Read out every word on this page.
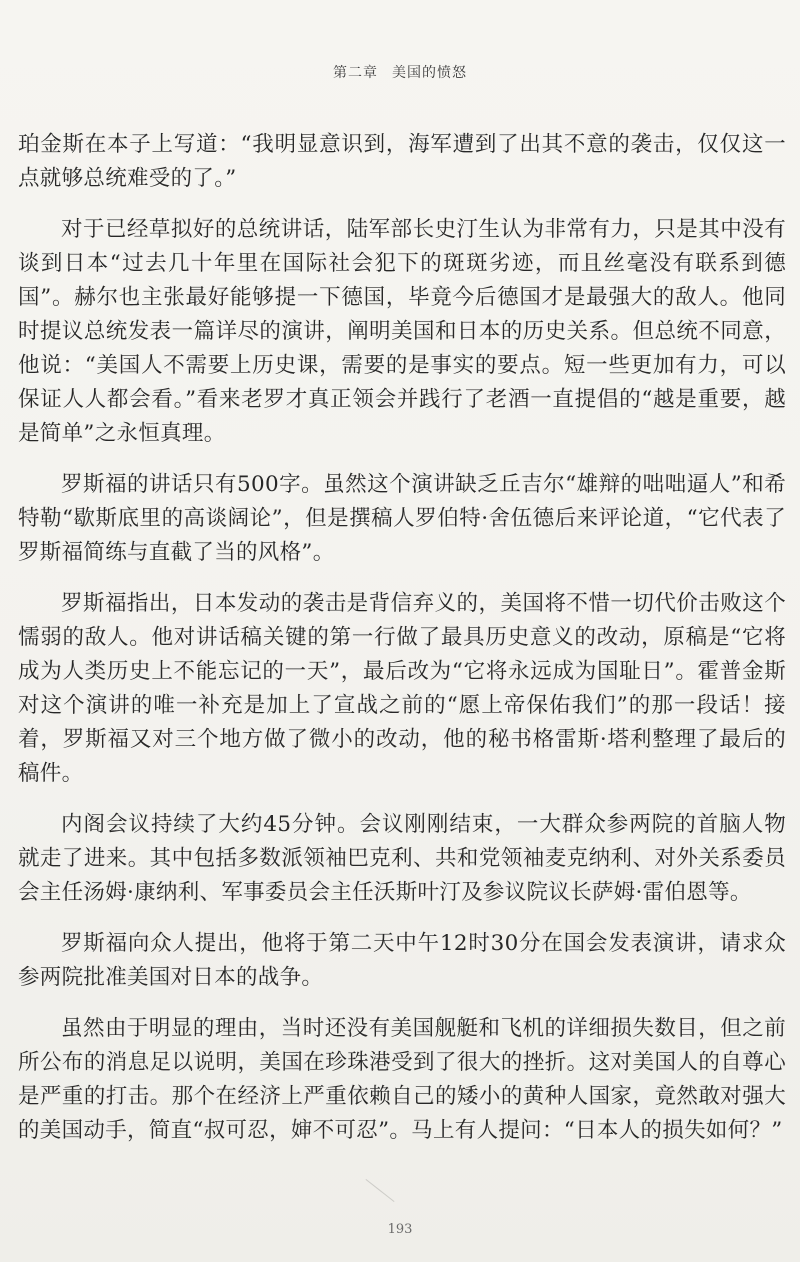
第二章 美国的愤怒

珀金斯在本子上写道：“我明显意识到，海军遭到了出其不意的袭击，仅仅这一点就够总统难受的了。”

对于已经草拟好的总统讲话，陆军部长史汀生认为非常有力，只是其中没有谈到日本“过去几十年里在国际社会犯下的斑斑劣迹，而且丝毫没有联系到德国”。赫尔也主张最好能够提一下德国，毕竟今后德国才是最强大的敌人。他同时提议总统发表一篇详尽的演讲，阐明美国和日本的历史关系。但总统不同意，他说：“美国人不需要上历史课，需要的是事实的要点。短一些更加有力，可以保证人人都会看。”看来老罗才真正领会并践行了老酒一直提倡的“越是重要，越是简单”之永恒真理。

罗斯福的讲话只有500字。虽然这个演讲缺乏丘吉尔“雄辩的咄咄逼人”和希特勒“歇斯底里的高谈阔论”，但是撰稿人罗伯特·舍伍德后来评论道，“它代表了罗斯福简练与直截了当的风格”。

罗斯福指出，日本发动的袭击是背信弃义的，美国将不惜一切代价击败这个懦弱的敌人。他对讲话稿关键的第一行做了最具历史意义的改动，原稿是“它将成为人类历史上不能忘记的一天”，最后改为“它将永远成为国耻日”。霍普金斯对这个演讲的唯一补充是加上了宣战之前的“愿上帝保佑我们”的那一段话！接着，罗斯福又对三个地方做了微小的改动，他的秘书格雷斯·塔利整理了最后的稿件。

内阁会议持续了大约45分钟。会议刚刚结束，一大群众参两院的首脑人物就走了进来。其中包括多数派领袖巴克利、共和党领袖麦克纳利、对外关系委员会主任汤姆·康纳利、军事委员会主任沃斯叶汀及参议院议长萨姆·雷伯恩等。

罗斯福向众人提出，他将于第二天中午12时30分在国会发表演讲，请求众参两院批准美国对日本的战争。

虽然由于明显的理由，当时还没有美国舰艇和飞机的详细损失数目，但之前所公布的消息足以说明，美国在珍珠港受到了很大的挫折。这对美国人的自尊心是严重的打击。那个在经济上严重依赖自己的矮小的黄种人国家，竟然敢对强大的美国动手，简直“叔可忍，婶不可忍”。马上有人提问：“日本人的损失如何？”

193
